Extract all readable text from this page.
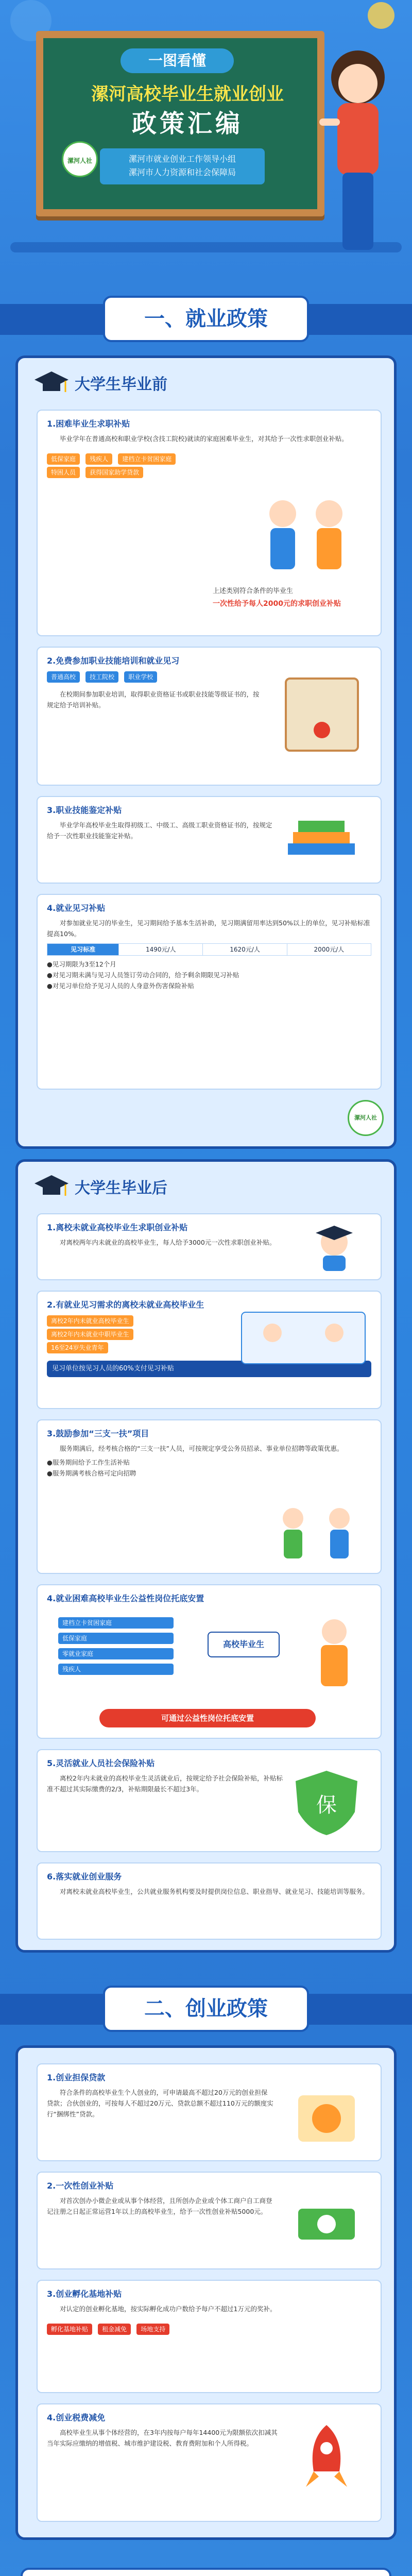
一图看懂
漯河高校毕业生就业创业
政策汇编
漯河市就业创业工作领导小组
漯河市人力资源和社会保障局
漯河人社
一、就业政策
大学生毕业前
1.困难毕业生求职补贴

毕业学年在普通高校和职业学校(含技工院校)就读的家庭困难毕业生，对其给予一次性求职创业补贴。

低保家庭 残疾人 建档立卡贫困家庭 特困人员 获得国家助学贷款
上述类别符合条件的毕业生
一次性给予每人2000元的求职创业补贴
2.免费参加职业技能培训和就业见习
普通高校 技工院校 职业学校

在校期间参加职业培训，取得职业资格证书或职业技能等级证书的，按规定给予培训补贴。

3.职业技能鉴定补贴

毕业学年高校毕业生取得初级工、中级工、高级工职业资格证书的，按规定给予一次性职业技能鉴定补贴。

4.就业见习补贴

对参加就业见习的毕业生，见习期间给予基本生活补助，见习期满留用率达到50%以上的单位，见习补贴标准提高10%。

见习标准	1490元/人	1620元/人	2000元/人
●见习期限为3至12个月
●对见习期未满与见习人员签订劳动合同的，给予剩余期限见习补贴
●对见习单位给予见习人员的人身意外伤害保险补贴
漯河人社
大学生毕业后
1.离校未就业高校毕业生求职创业补贴

对离校两年内未就业的高校毕业生，每人给予3000元一次性求职创业补贴。

2.有就业见习需求的离校未就业高校毕业生
离校2年内未就业高校毕业生 离校2年内未就业中职毕业生 16至24岁失业青年
见习单位按见习人员的60%支付见习补贴
3.鼓励参加“三支一扶”项目

服务期满后，经考核合格的“三支一扶”人员，可按规定享受公务员招录、事业单位招聘等政策优惠。

●服务期间给予工作生活补贴
●服务期满考核合格可定向招聘
4.就业困难高校毕业生公益性岗位托底安置
建档立卡贫困家庭
低保家庭
零就业家庭
残疾人
高校毕业生
可通过公益性岗位托底安置
5.灵活就业人员社会保险补贴

离校2年内未就业的高校毕业生灵活就业后，按规定给予社会保险补贴，补贴标准不超过其实际缴费的2/3，补贴期限最长不超过3年。

保
6.落实就业创业服务

对离校未就业高校毕业生，公共就业服务机构要及时提供岗位信息、职业指导、就业见习、技能培训等服务。

二、创业政策
1.创业担保贷款

符合条件的高校毕业生个人创业的，可申请最高不超过20万元的创业担保贷款；合伙创业的，可按每人不超过20万元、贷款总额不超过110万元的额度实行“捆绑性”贷款。

2.一次性创业补贴

对首次创办小微企业或从事个体经营，且所创办企业或个体工商户自工商登记注册之日起正常运营1年以上的高校毕业生，给予一次性创业补贴5000元。

3.创业孵化基地补贴

对认定的创业孵化基地，按实际孵化成功户数给予每户不超过1万元的奖补。

孵化基地补贴 租金减免 场地支持
4.创业税费减免

高校毕业生从事个体经营的，在3年内按每户每年14400元为限额依次扣减其当年实际应缴纳的增值税、城市维护建设税、教育费附加和个人所得税。
